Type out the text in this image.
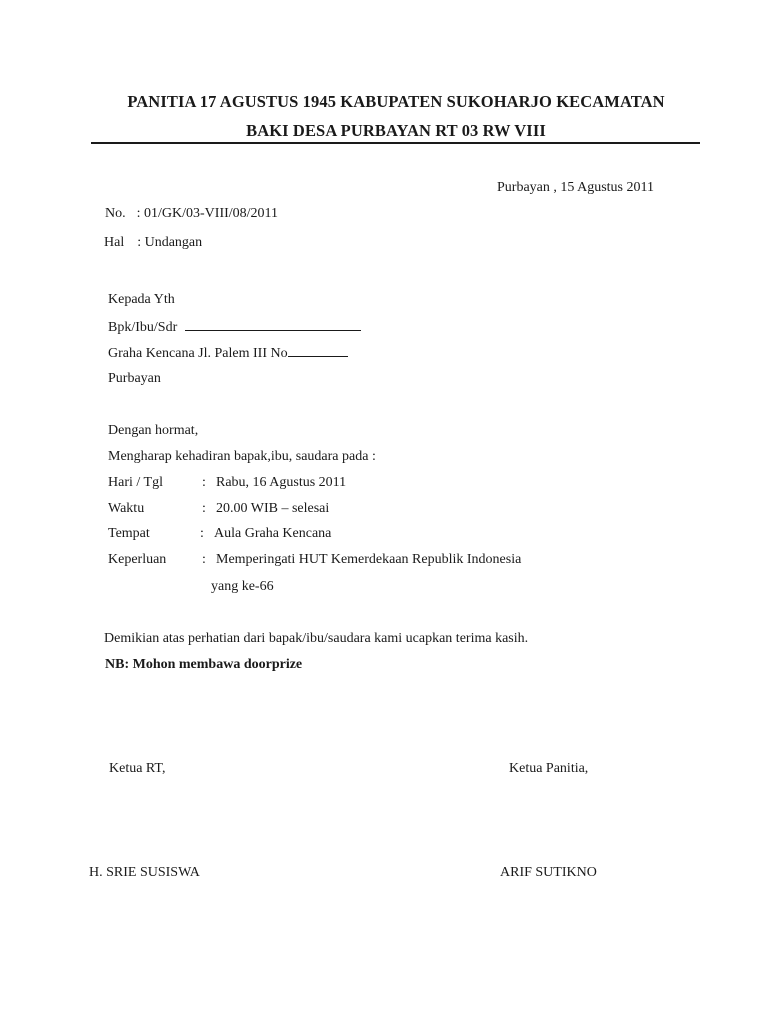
PANITIA 17 AGUSTUS 1945 KABUPATEN SUKOHARJO KECAMATAN
BAKI DESA PURBAYAN RT 03 RW VIII
Purbayan , 15 Agustus 2011
No. : 01/GK/03-VIII/08/2011
Hal : Undangan
Kepada Yth
Bpk/Ibu/Sdr
Graha Kencana Jl. Palem III No
Purbayan
Dengan hormat,
Mengharap kehadiran bapak,ibu, saudara pada :
Hari / Tgl	: Rabu, 16 Agustus 2011
Waktu	: 20.00 WIB – selesai
Tempat	: Aula Graha Kencana
Keperluan	: Memperingati HUT Kemerdekaan Republik Indonesia
yang ke-66
Demikian atas perhatian dari bapak/ibu/saudara kami ucapkan terima kasih.
NB: Mohon membawa doorprize
Ketua RT,	Ketua Panitia,
H. SRIE SUSISWA	ARIF SUTIKNO
